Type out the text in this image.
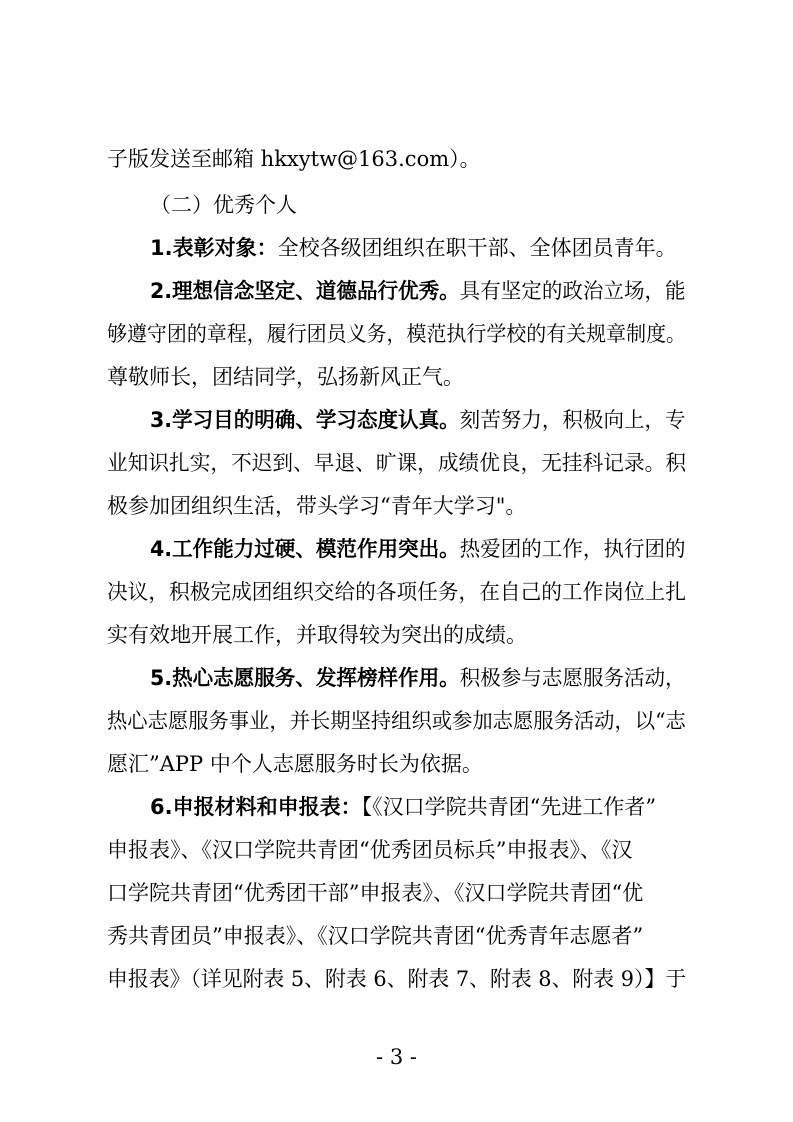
子版发送至邮箱 hkxytw@163.com）。
（二）优秀个人
1.表彰对象：全校各级团组织在职干部、全体团员青年。
2.理想信念坚定、道德品行优秀。具有坚定的政治立场，能
够遵守团的章程，履行团员义务，模范执行学校的有关规章制度。
尊敬师长，团结同学，弘扬新风正气。
3.学习目的明确、学习态度认真。刻苦努力，积极向上，专
业知识扎实，不迟到、早退、旷课，成绩优良，无挂科记录。积
极参加团组织生活，带头学习“青年大学习"。
4.工作能力过硬、模范作用突出。热爱团的工作，执行团的
决议，积极完成团组织交给的各项任务，在自己的工作岗位上扎
实有效地开展工作，并取得较为突出的成绩。
5.热心志愿服务、发挥榜样作用。积极参与志愿服务活动，
热心志愿服务事业，并长期坚持组织或参加志愿服务活动，以“志
愿汇”APP 中个人志愿服务时长为依据。
6.申报材料和申报表：【《汉口学院共青团“先进工作者”
申报表》、《汉口学院共青团“优秀团员标兵”申报表》、《汉
口学院共青团“优秀团干部”申报表》、《汉口学院共青团“优
秀共青团员”申报表》、《汉口学院共青团“优秀青年志愿者”
申报表》（详见附表 5、附表 6、附表 7、附表 8、附表 9）】于
- 3 -
